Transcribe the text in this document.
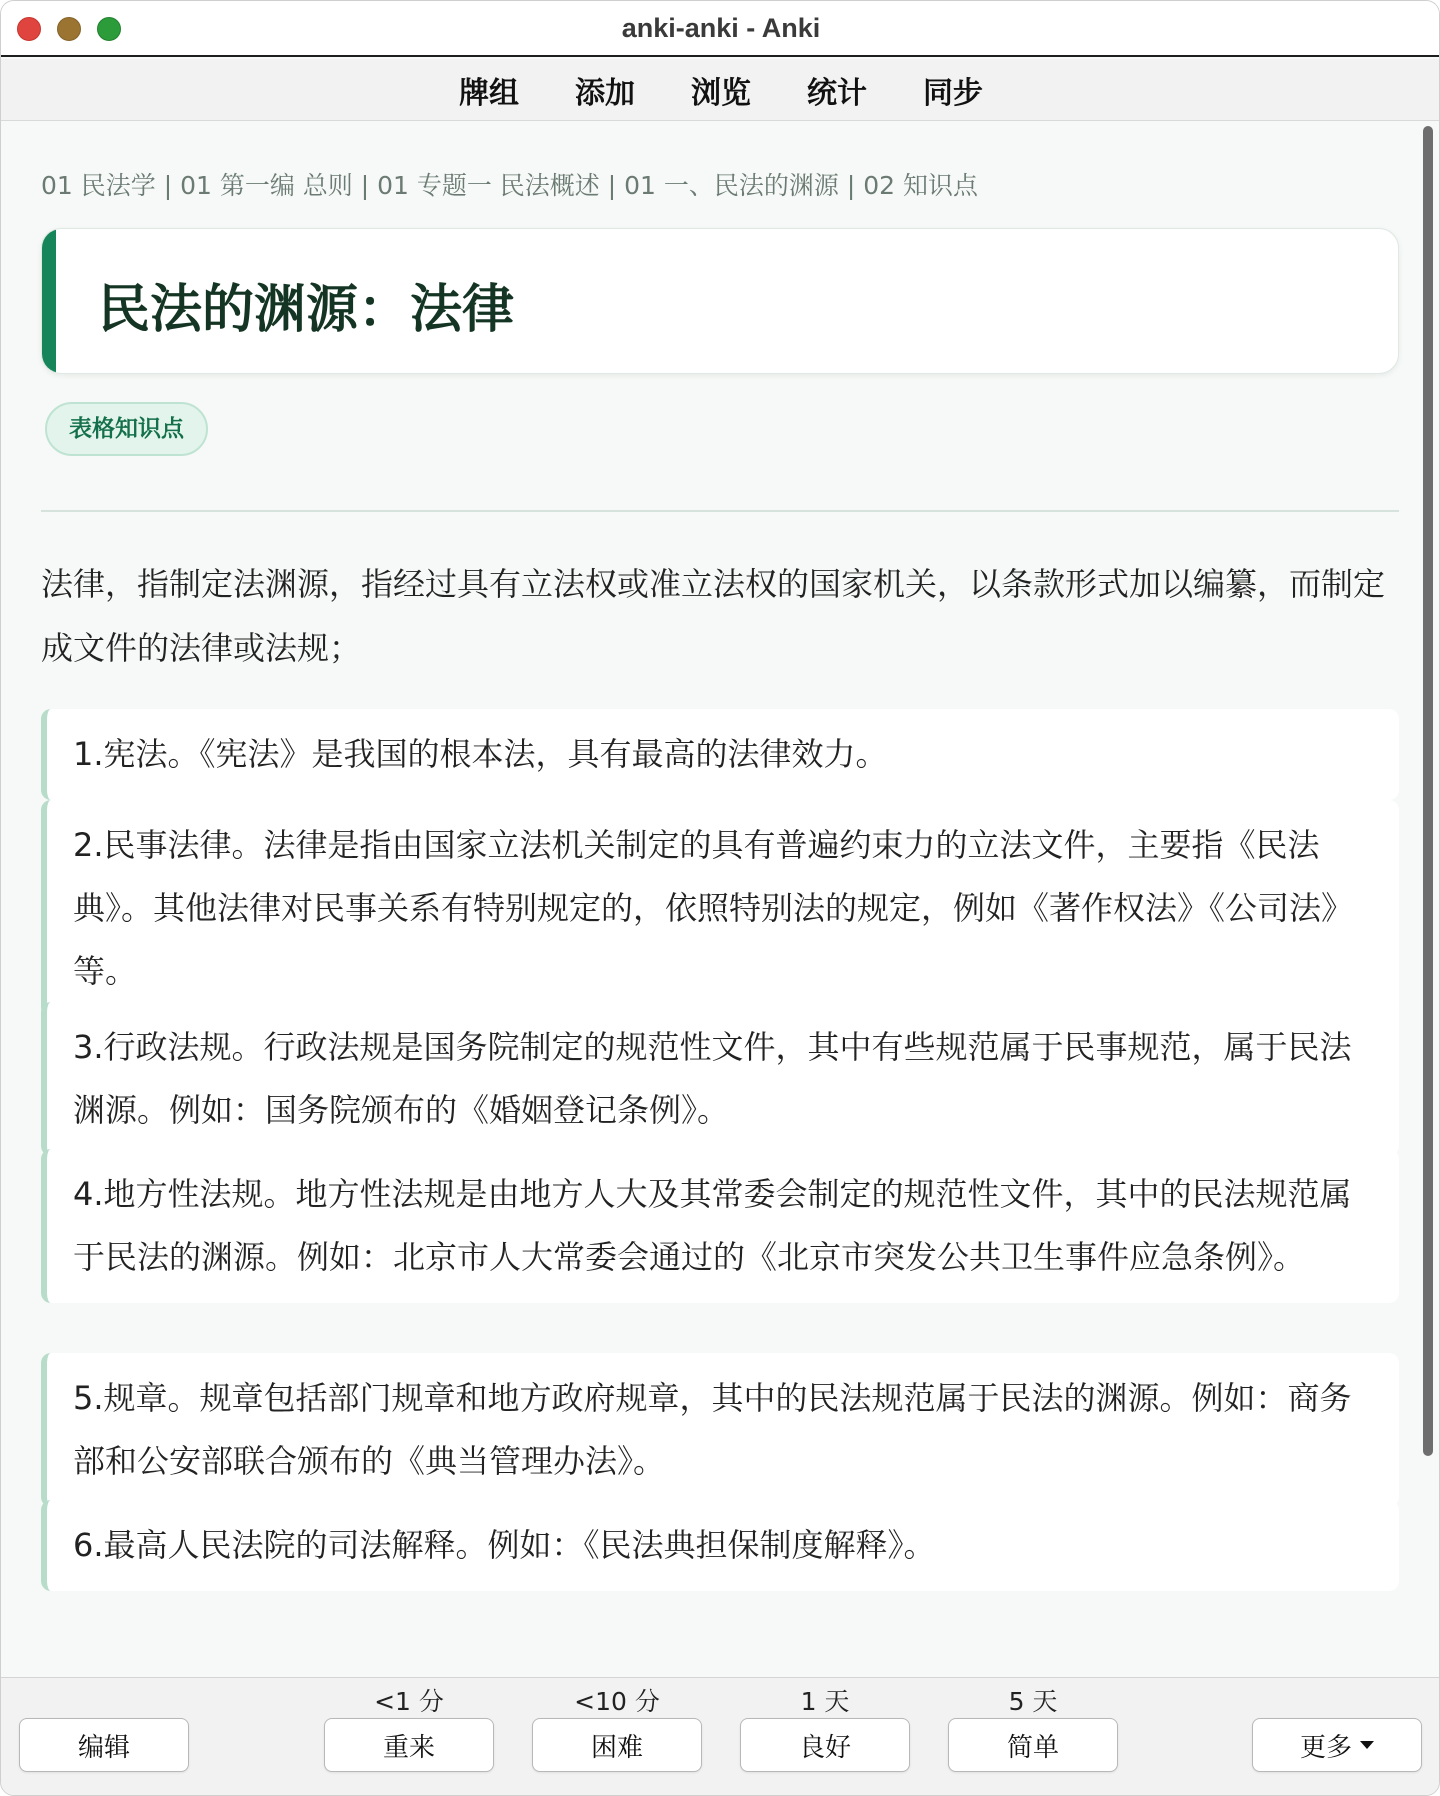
anki-anki - Anki
牌组	添加	浏览	统计	同步
01 民法学 | 01 第一编 总则 | 01 专题一 民法概述 | 01 一、民法的渊源 | 02 知识点
民法的渊源：法律
表格知识点
法律，指制定法渊源，指经过具有立法权或准立法权的国家机关，以条款形式加以编纂，而制定成文件的法律或法规；
1.宪法。《宪法》是我国的根本法，具有最高的法律效力。
2.民事法律。法律是指由国家立法机关制定的具有普遍约束力的立法文件，主要指《民法典》。其他法律对民事关系有特别规定的，依照特别法的规定，例如《著作权法》《公司法》等。
3.行政法规。行政法规是国务院制定的规范性文件，其中有些规范属于民事规范，属于民法渊源。例如：国务院颁布的《婚姻登记条例》。
4.地方性法规。地方性法规是由地方人大及其常委会制定的规范性文件，其中的民法规范属于民法的渊源。例如：北京市人大常委会通过的《北京市突发公共卫生事件应急条例》。
5.规章。规章包括部门规章和地方政府规章，其中的民法规范属于民法的渊源。例如：商务部和公安部联合颁布的《典当管理办法》。
6.最高人民法院的司法解释。例如：《民法典担保制度解释》。
编辑
<1 分
重来
<10 分
困难
1 天
良好
5 天
简单	更多
